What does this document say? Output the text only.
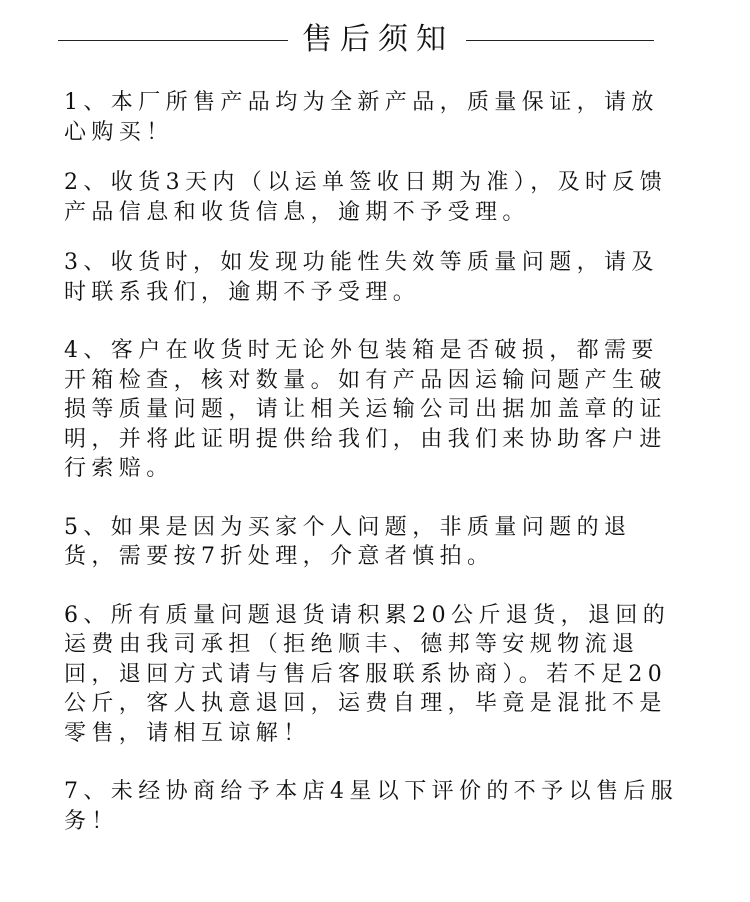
售后须知
1、本厂所售产品均为全新产品，质量保证，请放心购买！
2、收货3天内（以运单签收日期为准），及时反馈产品信息和收货信息，逾期不予受理。
3、收货时，如发现功能性失效等质量问题，请及时联系我们，逾期不予受理。
4、客户在收货时无论外包装箱是否破损，都需要开箱检查，核对数量。如有产品因运输问题产生破损等质量问题，请让相关运输公司出据加盖章的证明，并将此证明提供给我们，由我们来协助客户进行索赔。
5、如果是因为买家个人问题，非质量问题的退货，需要按7折处理，介意者慎拍。
6、所有质量问题退货请积累20公斤退货，退回的运费由我司承担（拒绝顺丰、德邦等安规物流退回，退回方式请与售后客服联系协商）。若不足20公斤，客人执意退回，运费自理，毕竟是混批不是零售，请相互谅解！
7、未经协商给予本店4星以下评价的不予以售后服务！
